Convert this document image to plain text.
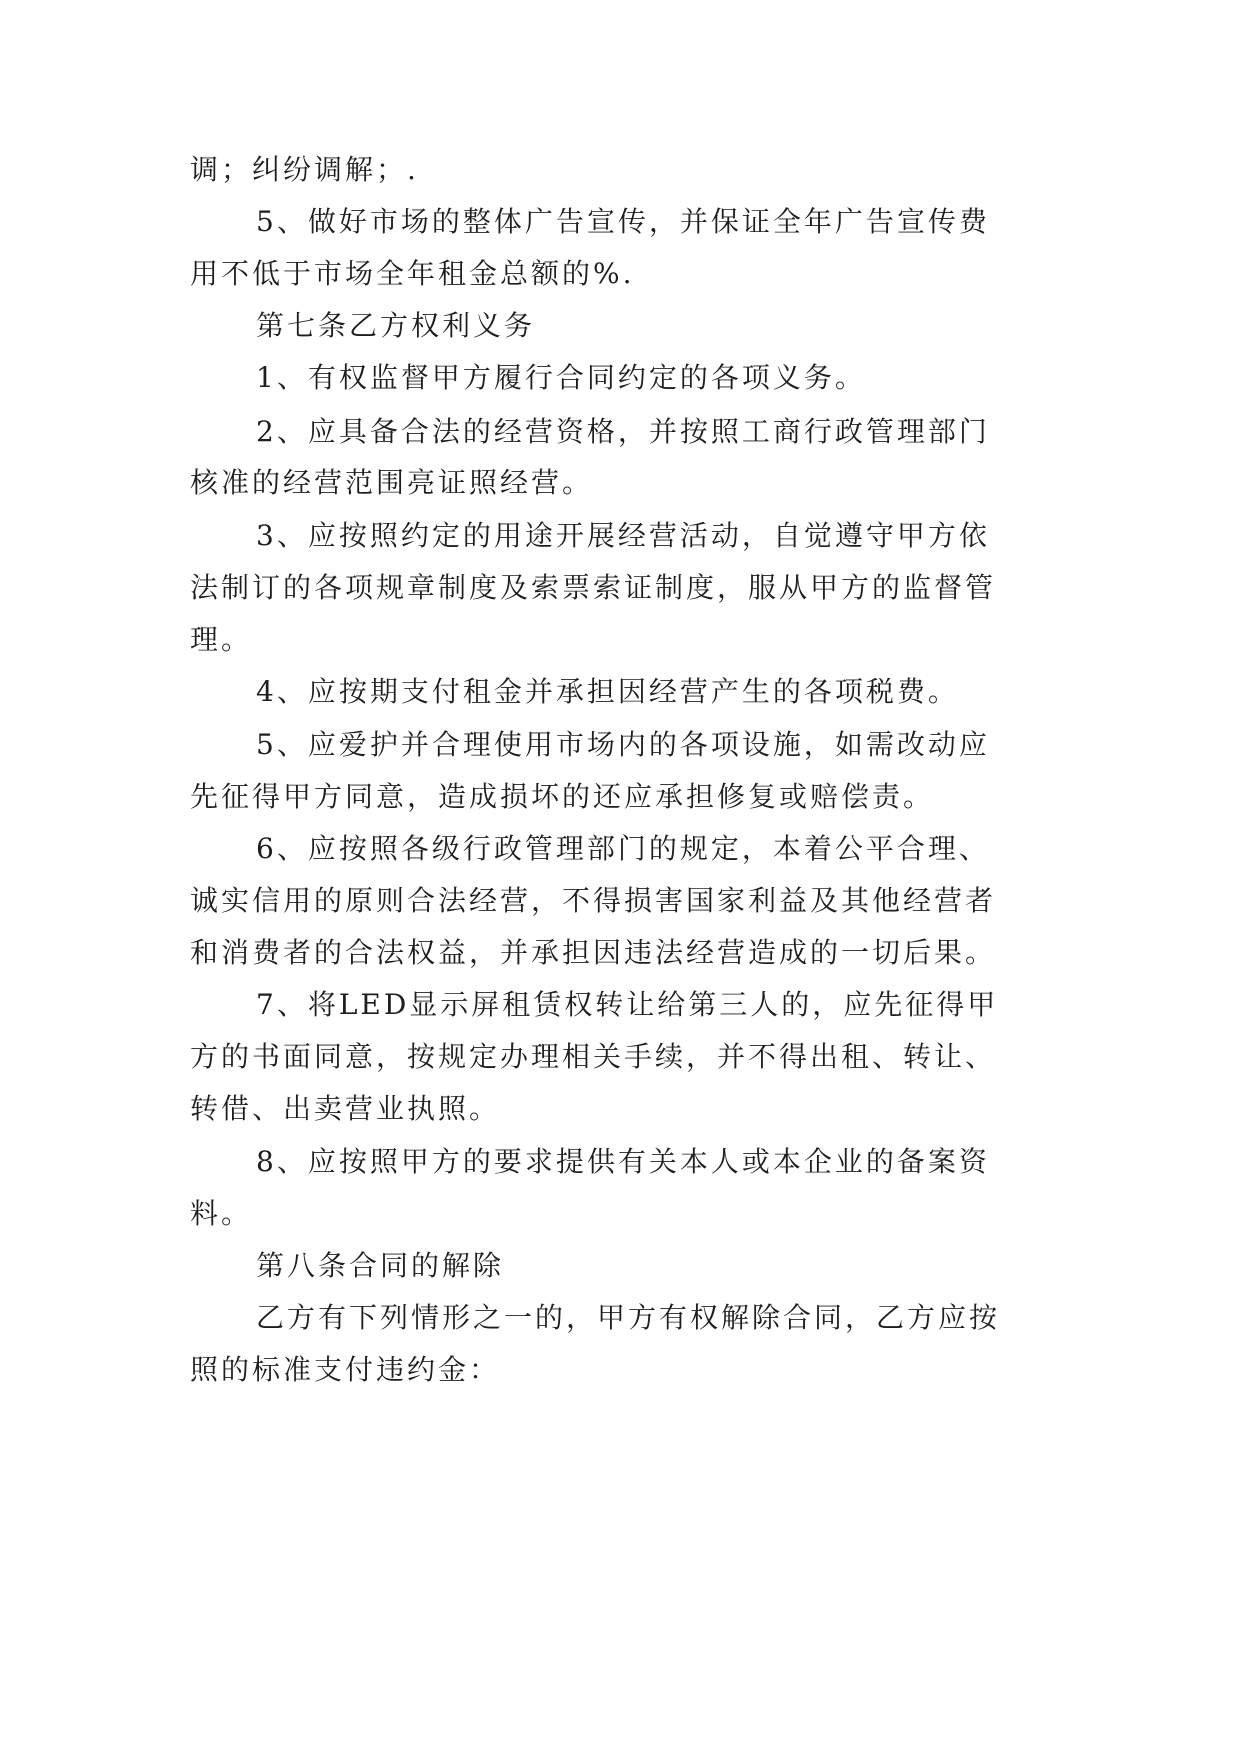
调；纠纷调解；.
5、做好市场的整体广告宣传，并保证全年广告宣传费
用不低于市场全年租金总额的%.
第七条乙方权利义务
1、有权监督甲方履行合同约定的各项义务。
2、应具备合法的经营资格，并按照工商行政管理部门
核准的经营范围亮证照经营。
3、应按照约定的用途开展经营活动，自觉遵守甲方依
法制订的各项规章制度及索票索证制度，服从甲方的监督管
理。
4、应按期支付租金并承担因经营产生的各项税费。
5、应爱护并合理使用市场内的各项设施，如需改动应
先征得甲方同意，造成损坏的还应承担修复或赔偿责。
6、应按照各级行政管理部门的规定，本着公平合理、
诚实信用的原则合法经营，不得损害国家利益及其他经营者
和消费者的合法权益，并承担因违法经营造成的一切后果。
7、将LED显示屏租赁权转让给第三人的，应先征得甲
方的书面同意，按规定办理相关手续，并不得出租、转让、
转借、出卖营业执照。
8、应按照甲方的要求提供有关本人或本企业的备案资
料。
第八条合同的解除
乙方有下列情形之一的，甲方有权解除合同，乙方应按
照的标准支付违约金：
